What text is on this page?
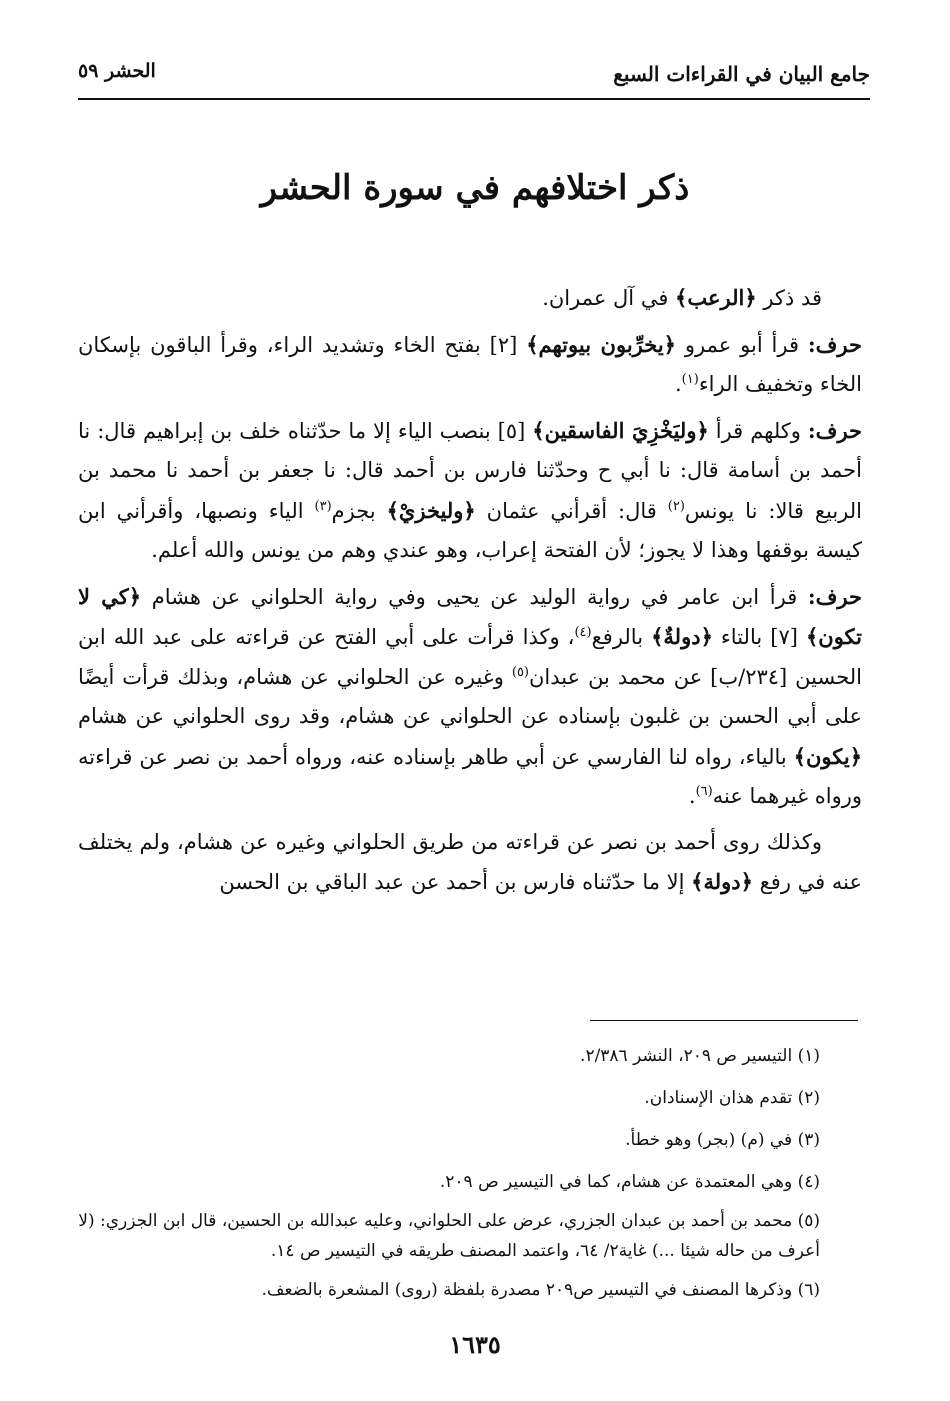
جامع البيان في القراءات السبع
الحشر ٥٩
ذكر اختلافهم في سورة الحشر

قد ذكر ﴿الرعب﴾ في آل عمران.

حرف: قرأ أبو عمرو ﴿يخرِّبون بيوتهم﴾ [٢] بفتح الخاء وتشديد الراء، وقرأ الباقون بإسكان الخاء وتخفيف الراء$^{(١)}$.

حرف: وكلهم قرأ ﴿وليَخْزِيَ الفاسقين﴾ [٥] بنصب الياء إلا ما حدّثناه خلف بن إبراهيم قال: نا أحمد بن أسامة قال: نا أبي ح وحدّثنا فارس بن أحمد قال: نا جعفر بن أحمد نا محمد بن الربيع قالا: نا يونس$^{(٢)}$ قال: أقرأني عثمان ﴿وليخزيْ﴾ بجزم$^{(٣)}$ الياء ونصبها، وأقرأني ابن كيسة بوقفها وهذا لا يجوز؛ لأن الفتحة إعراب، وهو عندي وهم من يونس والله أعلم.

حرف: قرأ ابن عامر في رواية الوليد عن يحيى وفي رواية الحلواني عن هشام ﴿كي لا تكون﴾ [٧] بالتاء ﴿دولةٌ﴾ بالرفع$^{(٤)}$، وكذا قرأت على أبي الفتح عن قراءته على عبد الله ابن الحسين [٢٣٤/ب] عن محمد بن عبدان$^{(٥)}$ وغيره عن الحلواني عن هشام، وبذلك قرأت أيضًا على أبي الحسن بن غلبون بإسناده عن الحلواني عن هشام، وقد روى الحلواني عن هشام ﴿يكون﴾ بالياء، رواه لنا الفارسي عن أبي طاهر بإسناده عنه، ورواه أحمد بن نصر عن قراءته ورواه غيرهما عنه$^{(٦)}$.

وكذلك روى أحمد بن نصر عن قراءته من طريق الحلواني وغيره عن هشام، ولم يختلف عنه في رفع ﴿دولة﴾ إلا ما حدّثناه فارس بن أحمد عن عبد الباقي بن الحسن

(١) التيسير ص ٢٠٩، النشر ٢/٣٨٦.

(٢) تقدم هذان الإسنادان.

(٣) في (م) (بجر) وهو خطأ.

(٤) وهي المعتمدة عن هشام، كما في التيسير ص ٢٠٩.

(٥) محمد بن أحمد بن عبدان الجزري، عرض على الحلواني، وعليه عبدالله بن الحسين، قال ابن الجزري: (لا أعرف من حاله شيئا ...) غاية٢/ ٦٤، واعتمد المصنف طريقه في التيسير ص ١٤.

(٦) وذكرها المصنف في التيسير ص٢٠٩ مصدرة بلفظة (روى) المشعرة بالضعف.

١٦٣٥
